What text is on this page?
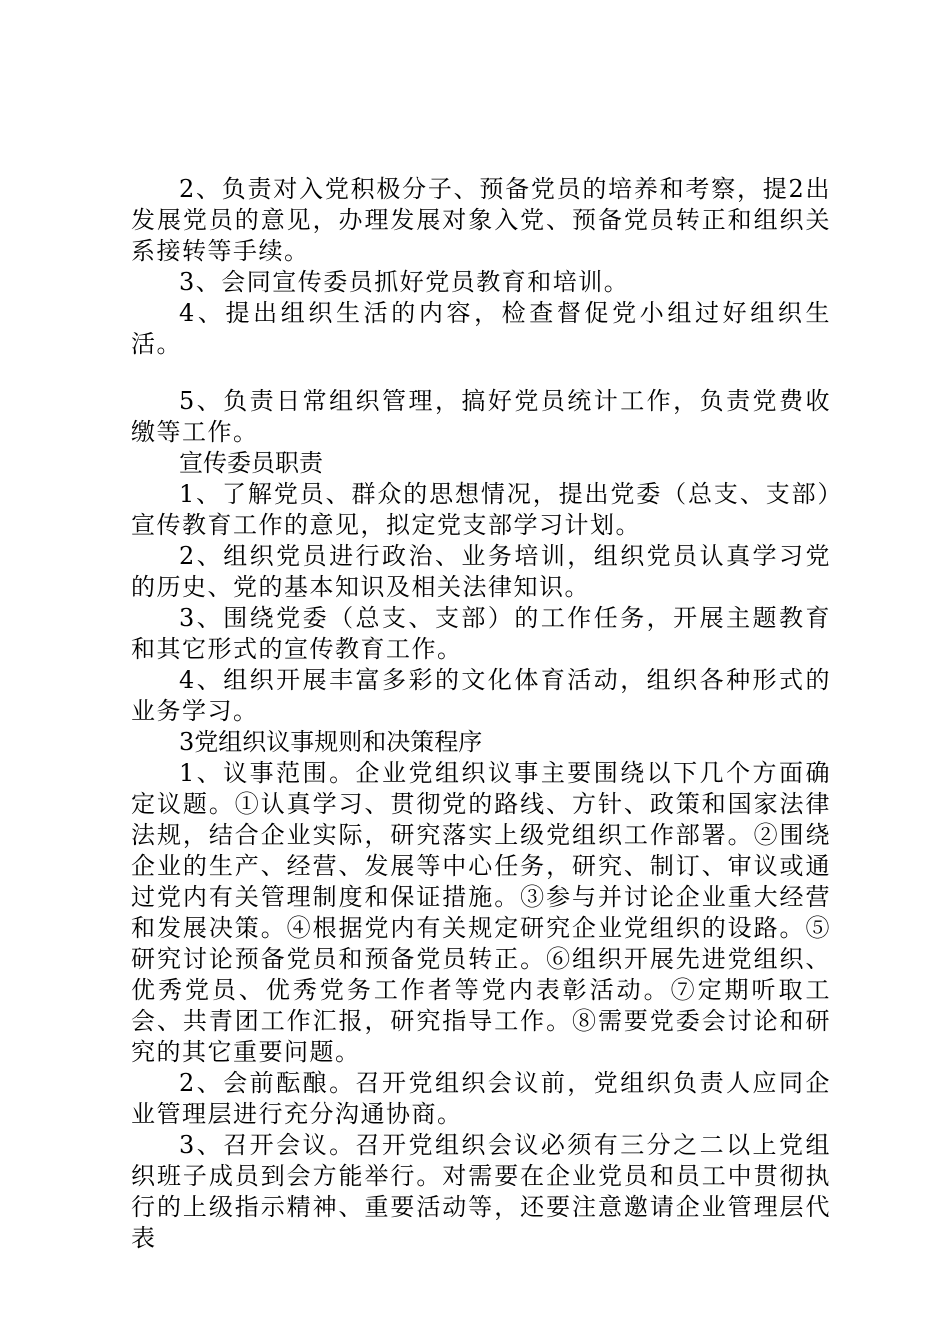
2、负责对入党积极分子、预备党员的培养和考察，提2出发展党员的意见，办理发展对象入党、预备党员转正和组织关系接转等手续。

3、会同宣传委员抓好党员教育和培训。

4、提出组织生活的内容，检查督促党小组过好组织生活。

5、负责日常组织管理，搞好党员统计工作，负责党费收缴等工作。

宣传委员职责

1、了解党员、群众的思想情况，提出党委（总支、支部）宣传教育工作的意见，拟定党支部学习计划。

2、组织党员进行政治、业务培训，组织党员认真学习党的历史、党的基本知识及相关法律知识。

3、围绕党委（总支、支部）的工作任务，开展主题教育和其它形式的宣传教育工作。

4、组织开展丰富多彩的文化体育活动，组织各种形式的业务学习。

3党组织议事规则和决策程序

1、议事范围。企业党组织议事主要围绕以下几个方面确定议题。①认真学习、贯彻党的路线、方针、政策和国家法律法规，结合企业实际，研究落实上级党组织工作部署。②围绕企业的生产、经营、发展等中心任务，研究、制订、审议或通过党内有关管理制度和保证措施。③参与并讨论企业重大经营和发展决策。④根据党内有关规定研究企业党组织的设路。⑤研究讨论预备党员和预备党员转正。⑥组织开展先进党组织、优秀党员、优秀党务工作者等党内表彰活动。⑦定期听取工会、共青团工作汇报，研究指导工作。⑧需要党委会讨论和研究的其它重要问题。

2、会前酝酿。召开党组织会议前，党组织负责人应同企业管理层进行充分沟通协商。

3、召开会议。召开党组织会议必须有三分之二以上党组织班子成员到会方能举行。对需要在企业党员和员工中贯彻执行的上级指示精神、重要活动等，还要注意邀请企业管理层代表
